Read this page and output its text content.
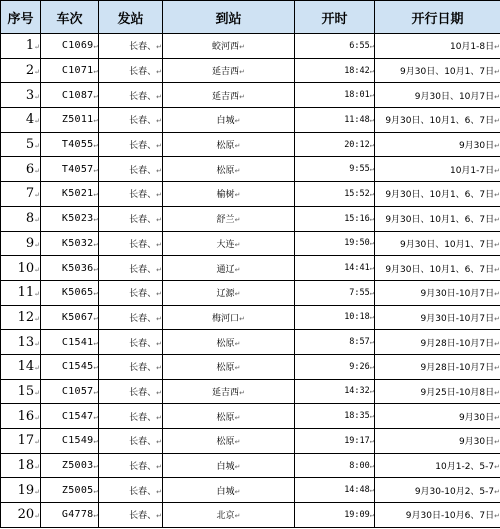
序号	车次	发站	到站	开时	开行日期
1↵	C1069↵	长春、↵	蛟河西↵	6:55↵	10月1-8日↵
2↵	C1071↵	长春、↵	延吉西↵	18:42↵	9月30日、10月1、7日↵
3↵	C1087↵	长春、↵	延吉西↵	18:01↵	9月30日、10月7日↵
4↵	Z5011↵	长春、↵	白城↵	11:48↵	9月30日、10月1、6、7日↵
5↵	T4055↵	长春、↵	松原↵	20:12↵	9月30日↵
6↵	T4057↵	长春、↵	松原↵	9:55↵	10月1-7日↵
7↵	K5021↵	长春、↵	榆树↵	15:52↵	9月30日、10月1、6、7日↵
8↵	K5023↵	长春、↵	舒兰↵	15:16↵	9月30日、10月1、6、7日↵
9↵	K5032↵	长春、↵	大连↵	19:50↵	9月30日、10月1、7日↵
10↵	K5036↵	长春、↵	通辽↵	14:41↵	9月30日、10月1、6、7日↵
11↵	K5065↵	长春、↵	辽源↵	7:55↵	9月30日-10月7日↵
12↵	K5067↵	长春、↵	梅河口↵	10:18↵	9月30日-10月7日↵
13↵	C1541↵	长春、↵	松原↵	8:57↵	9月28日-10月7日↵
14↵	C1545↵	长春、↵	松原↵	9:26↵	9月28日-10月7日↵
15↵	C1057↵	长春、↵	延吉西↵	14:32↵	9月25日-10月8日↵
16↵	C1547↵	长春、↵	松原↵	18:35↵	9月30日↵
17↵	C1549↵	长春、↵	松原↵	19:17↵	9月30日↵
18↵	Z5003↵	长春、↵	白城↵	8:00↵	10月1-2、5-7↵
19↵	Z5005↵	长春、↵	白城↵	14:48↵	9月30-10月2、5-7↵
20↵	G4778↵	长春、↵	北京↵	19:09↵	9月30日-10月6、7日↵
